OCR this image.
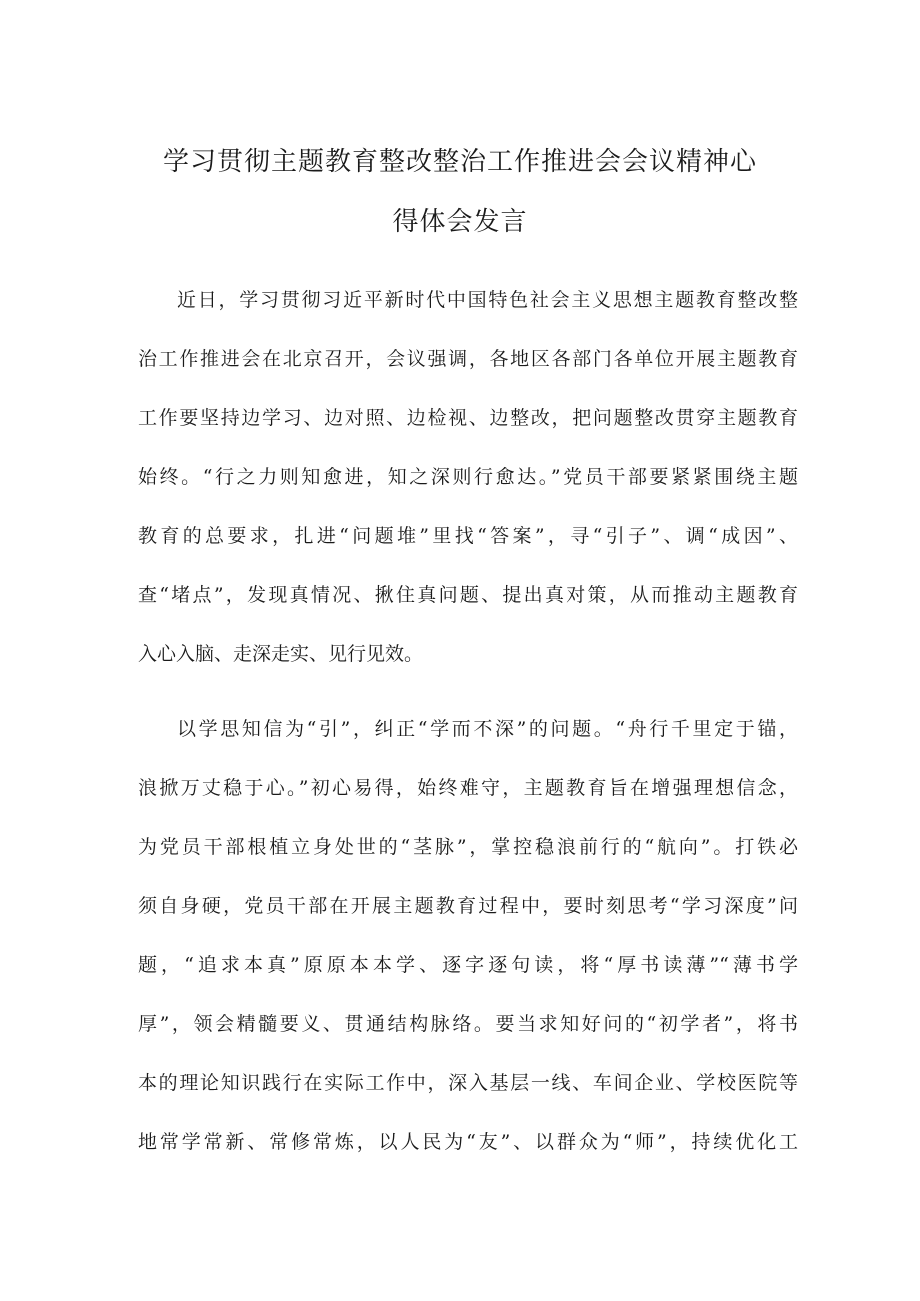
学习贯彻主题教育整改整治工作推进会会议精神心
得体会发言
近日，学习贯彻习近平新时代中国特色社会主义思想主题教育整改整
治工作推进会在北京召开，会议强调，各地区各部门各单位开展主题教育
工作要坚持边学习、边对照、边检视、边整改，把问题整改贯穿主题教育
始终。“行之力则知愈进，知之深则行愈达。”党员干部要紧紧围绕主题
教育的总要求，扎进“问题堆”里找“答案”，寻“引子”、调“成因”、
查“堵点”，发现真情况、揪住真问题、提出真对策，从而推动主题教育
入心入脑、走深走实、见行见效。
以学思知信为“引”，纠正“学而不深”的问题。“舟行千里定于锚，
浪掀万丈稳于心。”初心易得，始终难守，主题教育旨在增强理想信念，
为党员干部根植立身处世的“茎脉”，掌控稳浪前行的“航向”。打铁必
须自身硬，党员干部在开展主题教育过程中，要时刻思考“学习深度”问
题，“追求本真”原原本本学、逐字逐句读，将“厚书读薄”“薄书学
厚”，领会精髓要义、贯通结构脉络。要当求知好问的“初学者”，将书
本的理论知识践行在实际工作中，深入基层一线、车间企业、学校医院等
地常学常新、常修常炼，以人民为“友”、以群众为“师”，持续优化工
